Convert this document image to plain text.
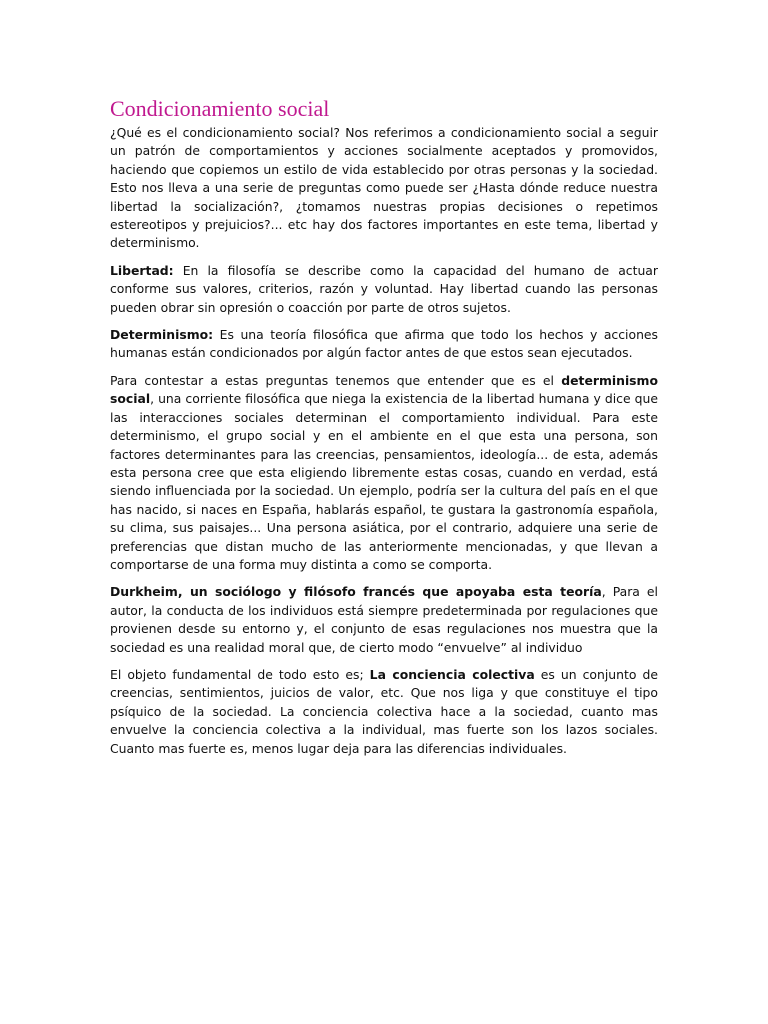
Condicionamiento social

¿Qué es el condicionamiento social? Nos referimos a condicionamiento social a seguir un patrón de comportamientos y acciones socialmente aceptados y promovidos, haciendo que copiemos un estilo de vida establecido por otras personas y la sociedad. Esto nos lleva a una serie de preguntas como puede ser ¿Hasta dónde reduce nuestra libertad la socialización?, ¿tomamos nuestras propias decisiones o repetimos estereotipos y prejuicios?... etc hay dos factores importantes en este tema, libertad y determinismo.

Libertad: En la filosofía se describe como la capacidad del humano de actuar conforme sus valores, criterios, razón y voluntad. Hay libertad cuando las personas pueden obrar sin opresión o coacción por parte de otros sujetos.

Determinismo: Es una teoría filosófica que afirma que todo los hechos y acciones humanas están condicionados por algún factor antes de que estos sean ejecutados.

Para contestar a estas preguntas tenemos que entender que es el determinismo social, una corriente filosófica que niega la existencia de la libertad humana y dice que las interacciones sociales determinan el comportamiento individual. Para este determinismo, el grupo social y en el ambiente en el que esta una persona, son factores determinantes para las creencias, pensamientos, ideología... de esta, además esta persona cree que esta eligiendo libremente estas cosas, cuando en verdad, está siendo influenciada por la sociedad. Un ejemplo, podría ser la cultura del país en el que has nacido, si naces en España, hablarás español, te gustara la gastronomía española, su clima, sus paisajes... Una persona asiática, por el contrario, adquiere una serie de preferencias que distan mucho de las anteriormente mencionadas, y que llevan a comportarse de una forma muy distinta a como se comporta.

Durkheim, un sociólogo y filósofo francés que apoyaba esta teoría, Para el autor, la conducta de los individuos está siempre predeterminada por regulaciones que provienen desde su entorno y, el conjunto de esas regulaciones nos muestra que la sociedad es una realidad moral que, de cierto modo “envuelve” al individuo

El objeto fundamental de todo esto es; La conciencia colectiva es un conjunto de creencias, sentimientos, juicios de valor, etc. Que nos liga y que constituye el tipo psíquico de la sociedad. La conciencia colectiva hace a la sociedad, cuanto mas envuelve la conciencia colectiva a la individual, mas fuerte son los lazos sociales. Cuanto mas fuerte es, menos lugar deja para las diferencias individuales.
